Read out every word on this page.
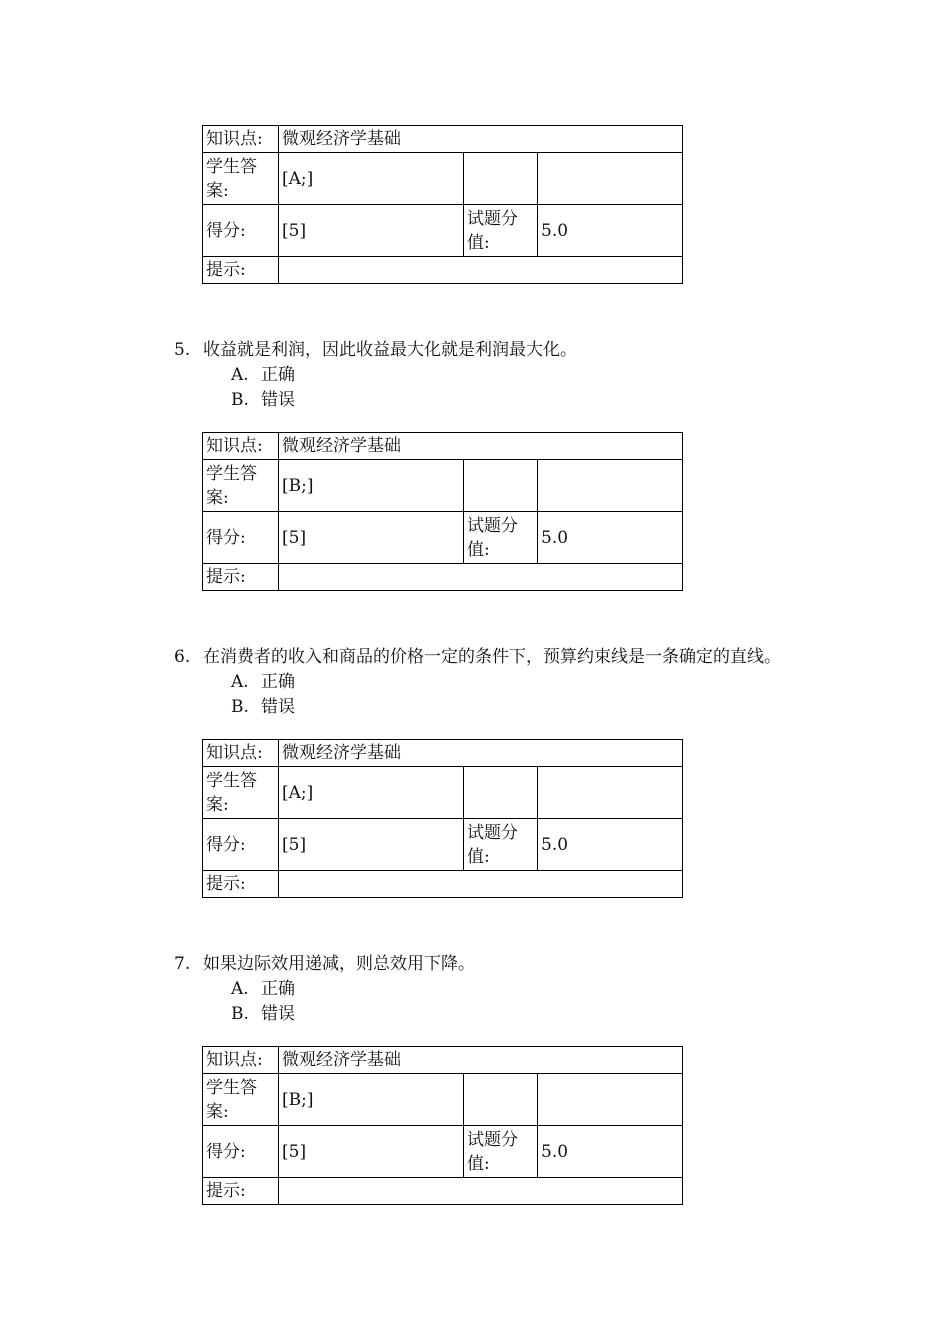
知识点:	微观经济学基础		
学生答案:	[A;]		
得分:	[5]	试题分值:	5.0
提示:			
5. 收益就是利润，因此收益最大化就是利润最大化。
A. 正确
B. 错误
知识点:	微观经济学基础		
学生答案:	[B;]		
得分:	[5]	试题分值:	5.0
提示:			
6. 在消费者的收入和商品的价格一定的条件下，预算约束线是一条确定的直线。
A. 正确
B. 错误
知识点:	微观经济学基础		
学生答案:	[A;]		
得分:	[5]	试题分值:	5.0
提示:			
7. 如果边际效用递减，则总效用下降。
A. 正确
B. 错误
知识点:	微观经济学基础		
学生答案:	[B;]		
得分:	[5]	试题分值:	5.0
提示:			
